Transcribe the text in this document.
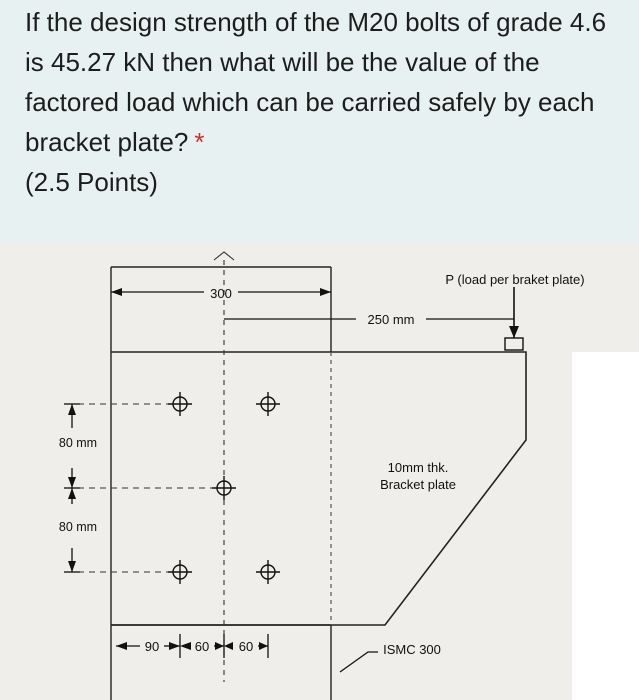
If the design strength of the M20 bolts of grade 4.6 is 45.27 kN then what will be the value of the factored load which can be carried safely by each bracket plate? *
(2.5 Points)
300
250 mm
P (load per braket plate)
80 mm
80 mm
10mm thk.
Bracket plate
90	60 60	ISMC 300
